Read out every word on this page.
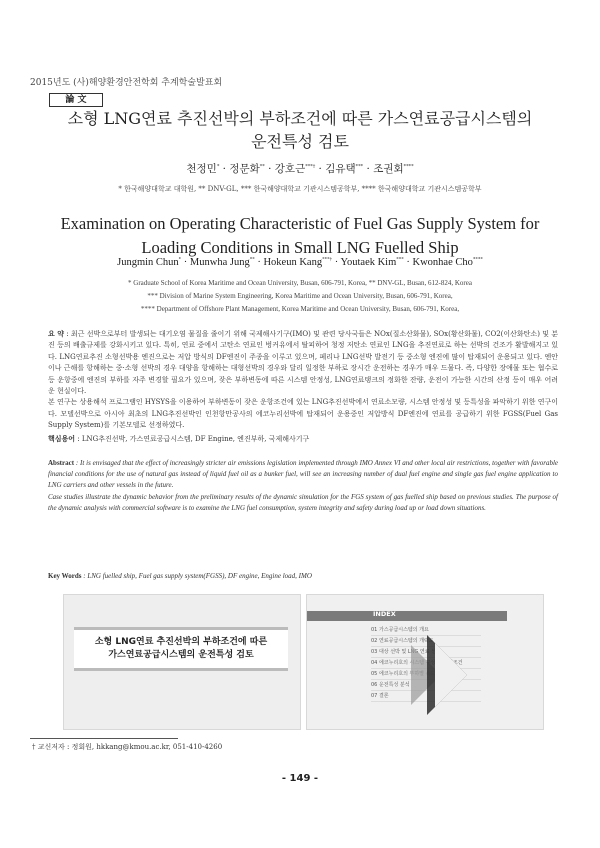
2015년도 (사)해양환경안전학회 추계학술발표회
論 文
소형 LNG연료 추진선박의 부하조건에 따른 가스연료공급시스템의
운전특성 검토
천정민* · 정문화** · 강호근***† · 김유택*** · 조권회****
* 한국해양대학교 대학원, ** DNV-GL, *** 한국해양대학교 기관시스템공학부, **** 한국해양대학교 기관시스템공학부
Examination on Operating Characteristic of Fuel Gas Supply System for
Loading Conditions in Small LNG Fuelled Ship
Jungmin Chun* · Munwha Jung** · Hokeun Kang***† · Youtaek Kim*** · Kwonhae Cho****
* Graduate School of Korea Maritime and Ocean University, Busan, 606-791, Korea, ** DNV-GL, Busan, 612-824, Korea
*** Division of Marine System Engineering, Korea Maritime and Ocean University, Busan, 606-791, Korea,
**** Department of Offshore Plant Management, Korea Maritime and Ocean University, Busan, 606-791, Korea,

요 약 : 최근 선박으로부터 발생되는 대기오염 물질을 줄이기 위해 국제해사기구(IMO) 및 관련 당사국들은 NOx(질소산화물), SOx(황산화물), CO2(이산화탄소) 및 분진 등의 배출규제를 강화시키고 있다. 특히, 연료 중에서 고탄소 연료인 벙커유에서 탈피하여 청정 저탄소 연료인 LNG을 추진연료로 하는 선박의 건조가 활발해지고 있다. LNG연료추진 소형선박용 엔진으로는 저압 방식의 DF엔진이 주종을 이루고 있으며, 페리나 LNG선박 발전기 등 중소형 엔진에 많이 탑재되어 운용되고 있다. 엔안이나 근해를 항해하는 중·소형 선박의 경우 대양을 항해하는 대형선박의 경우와 달리 일정한 부하로 장시간 운전하는 경우가 매우 드물다. 즉, 다양한 장애물 또는 협수로 등 운항중에 엔진의 부하를 자주 변경할 필요가 있으며, 잦은 부하변동에 따른 시스템 안정성, LNG연료탱크의 정화한 잔량, 운전이 가능한 시간의 산정 등이 매우 어려운 현실이다.

본 연구는 상용해석 프로그램인 HYSYS을 이용하여 부하변동이 잦은 운항조건에 있는 LNG추진선박에서 연료소모량, 시스템 안정성 및 등특성을 파악하기 위한 연구이다. 모델선박으로 아시아 최초의 LNG추진선박인 인천항만공사의 에코누리선박에 탑재되어 운용중인 저압방식 DF엔진에 연료를 공급하기 위한 FGSS(Fuel Gas Supply System)를 기본모델로 선정하였다.

핵심용어 : LNG추진선박, 가스연료공급시스템, DF Engine, 엔진부하, 국제해사기구

Abstract : It is envisaged that the effect of increasingly stricter air emissions legislation implemented through IMO Annex VI and other local air restrictions, together with favorable financial conditions for the use of natural gas instead of liquid fuel oil as a bunker fuel, will see an increasing number of dual fuel engine and single gas fuel engine application to LNG carriers and other vessels in the future.

Case studies illustrate the dynamic behavior from the preliminary results of the dynamic simulation for the FGS system of gas fuelled ship based on previous studies. The purpose of the dynamic analysis with commercial software is to examine the LNG fuel consumption, system integrity and safety during load up or load down situations.

Key Words : LNG fuelled ship, Fuel gas supply system(FGSS), DF engine, Engine load, IMO
소형 LNG연료 추진선박의 부하조건에 따른
가스연료공급시스템의 운전특성 검토
INDEX
01 가스공급시스템의 개요
02 연료공급시스템의 개략도
03 대상 선박 및 LNG 연료 선정
04 에코누리호의 시스템 구성 및 초기조건
05 에코누리호의 부하별 속도 산출
06 운전특성 분석
07 결론
† 교신저자 : 정회원, hkkang@kmou.ac.kr, 051-410-4260
- 149 -
